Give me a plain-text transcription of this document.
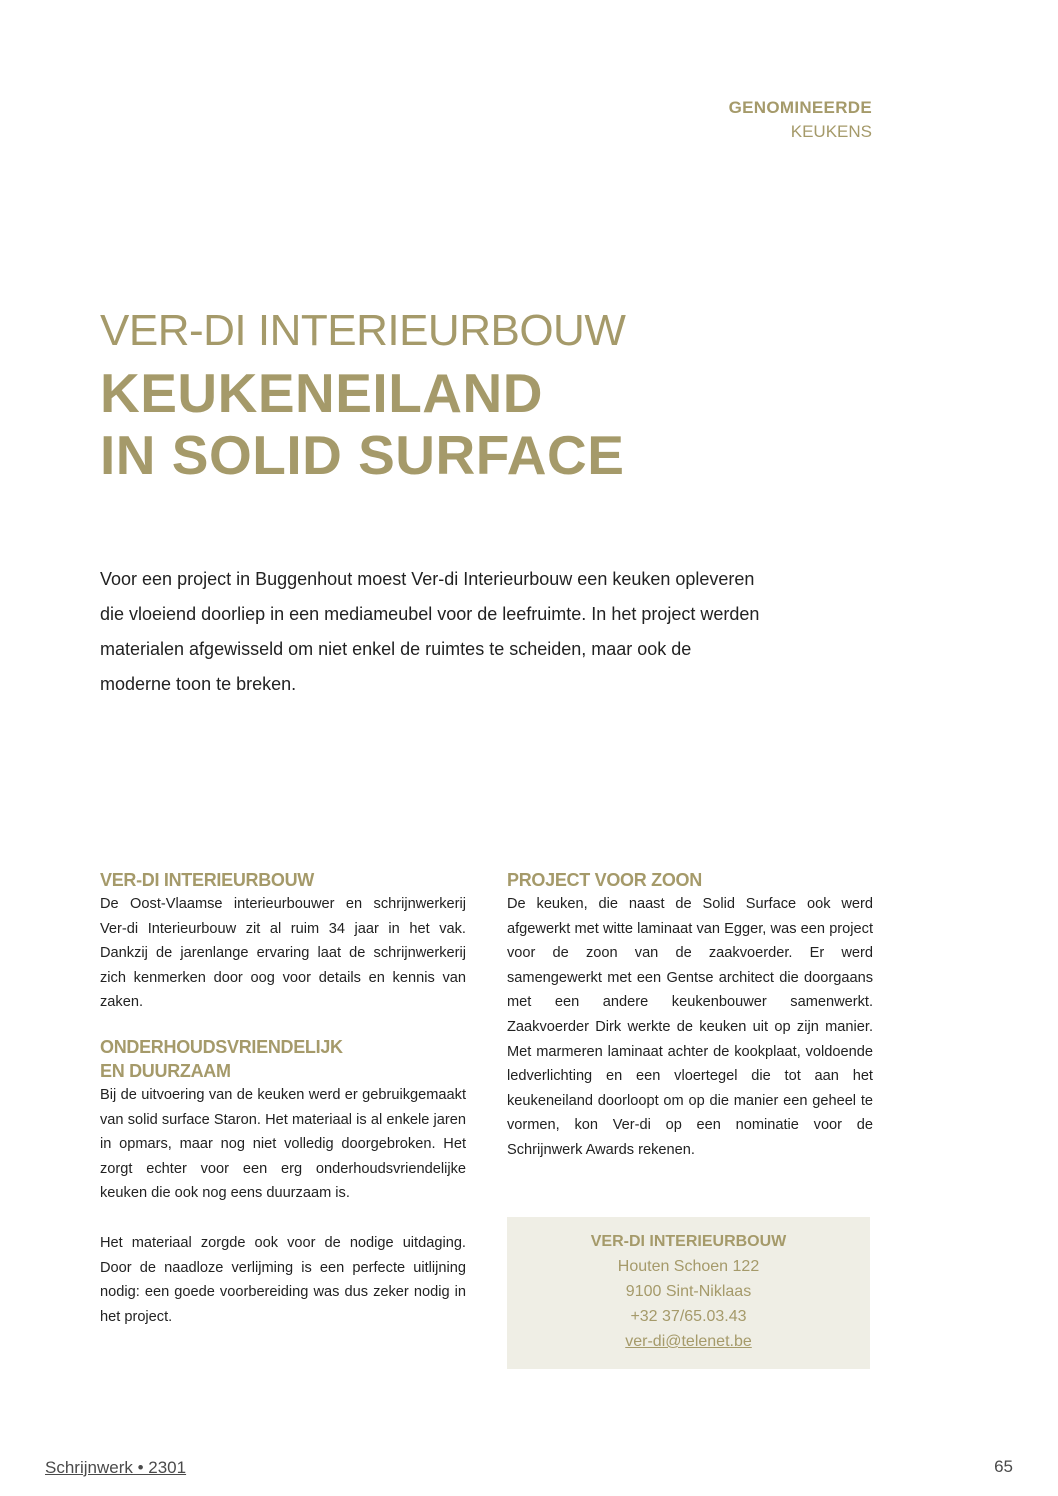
GENOMINEERDE
KEUKENS
VER-DI INTERIEURBOUW
KEUKENEILAND
IN SOLID SURFACE

Voor een project in Buggenhout moest Ver-di Interieurbouw een keuken opleveren die vloeiend doorliep in een mediameubel voor de leefruimte. In het project werden materialen afgewisseld om niet enkel de ruimtes te scheiden, maar ook de moderne toon te breken.

VER-DI INTERIEURBOUW

De Oost-Vlaamse interieurbouwer en schrijnwerkerij Ver-di Interieurbouw zit al ruim 34 jaar in het vak. Dankzij de jarenlange ervaring laat de schrijnwerkerij zich kenmerken door oog voor details en kennis van zaken.

ONDERHOUDSVRIENDELIJK
EN DUURZAAM

Bij de uitvoering van de keuken werd er gebruikgemaakt van solid surface Staron. Het materiaal is al enkele jaren in opmars, maar nog niet volledig doorgebroken. Het zorgt echter voor een erg onderhoudsvriendelijke keuken die ook nog eens duurzaam is.

Het materiaal zorgde ook voor de nodige uitdaging. Door de naadloze verlijming is een perfecte uitlijning nodig: een goede voorbereiding was dus zeker nodig in het project.

PROJECT VOOR ZOON

De keuken, die naast de Solid Surface ook werd afgewerkt met witte laminaat van Egger, was een project voor de zoon van de zaakvoerder. Er werd samengewerkt met een Gentse architect die doorgaans met een andere keukenbouwer samenwerkt. Zaakvoerder Dirk werkte de keuken uit op zijn manier. Met marmeren laminaat achter de kookplaat, voldoende ledverlichting en een vloertegel die tot aan het keukeneiland doorloopt om op die manier een geheel te vormen, kon Ver-di op een nominatie voor de Schrijnwerk Awards rekenen.

VER-DI INTERIEURBOUW
Houten Schoen 122
9100 Sint-Niklaas
+32 37/65.03.43
ver-di@telenet.be
Schrijnwerk • 2301	65
